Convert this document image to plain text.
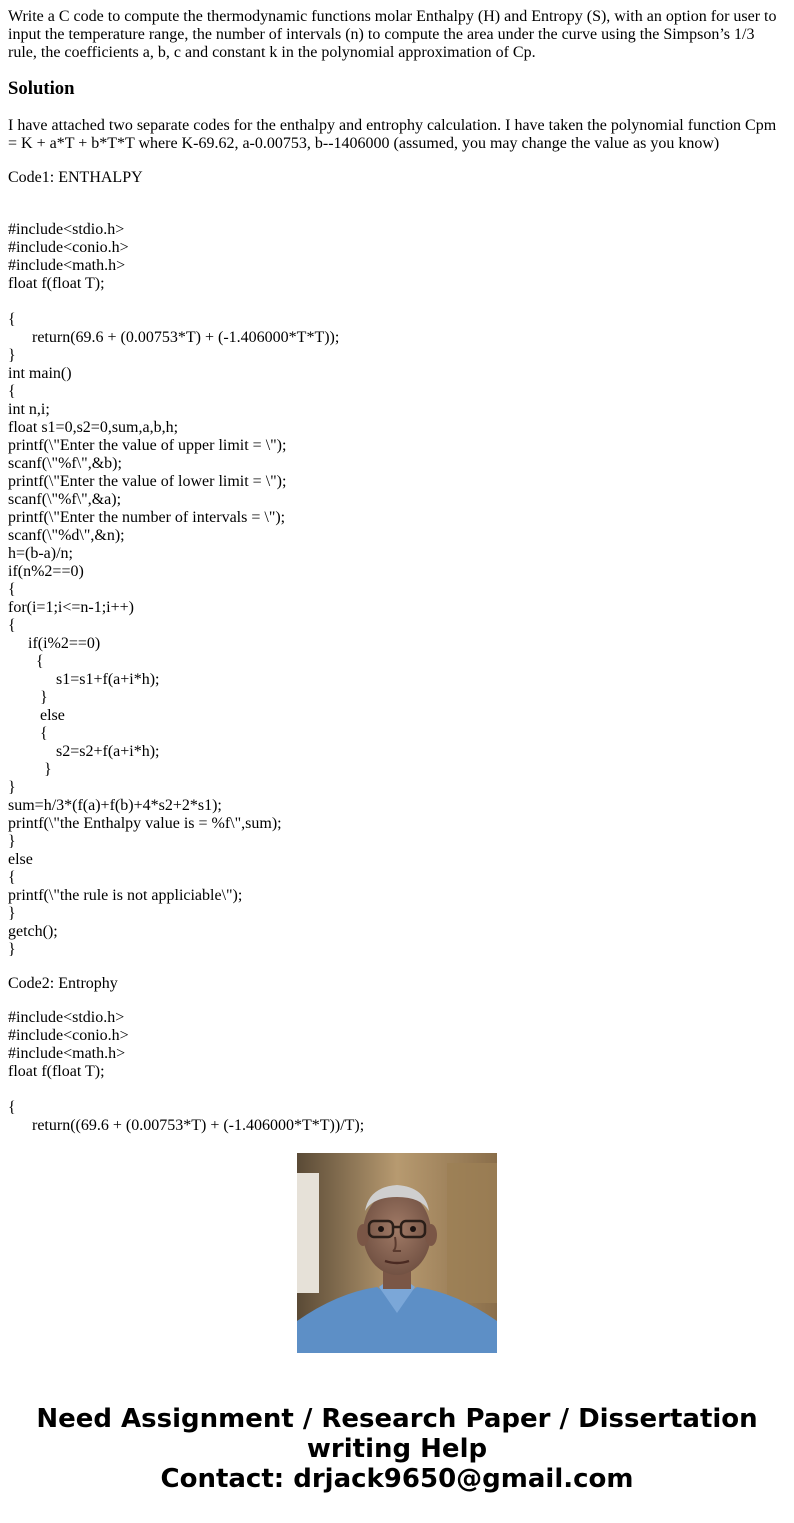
Write a C code to compute the thermodynamic functions molar Enthalpy (H) and Entropy (S), with an option for user to input the temperature range, the number of intervals (n) to compute the area under the curve using the Simpson’s 1/3 rule, the coefficients a, b, c and constant k in the polynomial approximation of Cp.

Solution

I have attached two separate codes for the enthalpy and entrophy calculation. I have taken the polynomial function Cpm = K + a*T + b*T*T where K-69.62, a-0.00753, b--1406000 (assumed, you may change the value as you know)

Code1: ENTHALPY

#include<stdio.h>
#include<conio.h>
#include<math.h>
float f(float T);
{
return(69.6 + (0.00753*T) + (-1.406000*T*T));
}
int main()
{
int n,i;
float s1=0,s2=0,sum,a,b,h;
printf(\"Enter the value of upper limit = \");
scanf(\"%f\",&b);
printf(\"Enter the value of lower limit = \");
scanf(\"%f\",&a);
printf(\"Enter the number of intervals = \");
scanf(\"%d\",&n);
h=(b-a)/n;
if(n%2==0)
{
for(i=1;i<=n-1;i++)
{
if(i%2==0)
{
s1=s1+f(a+i*h);
}
else
{
s2=s2+f(a+i*h);
}
}
sum=h/3*(f(a)+f(b)+4*s2+2*s1);
printf(\"the Enthalpy value is = %f\",sum);
}
else
{
printf(\"the rule is not appliciable\");
}
getch();
}

Code2: Entrophy

#include<stdio.h>
#include<conio.h>
#include<math.h>
float f(float T);
{
return((69.6 + (0.00753*T) + (-1.406000*T*T))/T);
Need Assignment / Research Paper / Dissertation
writing Help
Contact: drjack9650@gmail.com
